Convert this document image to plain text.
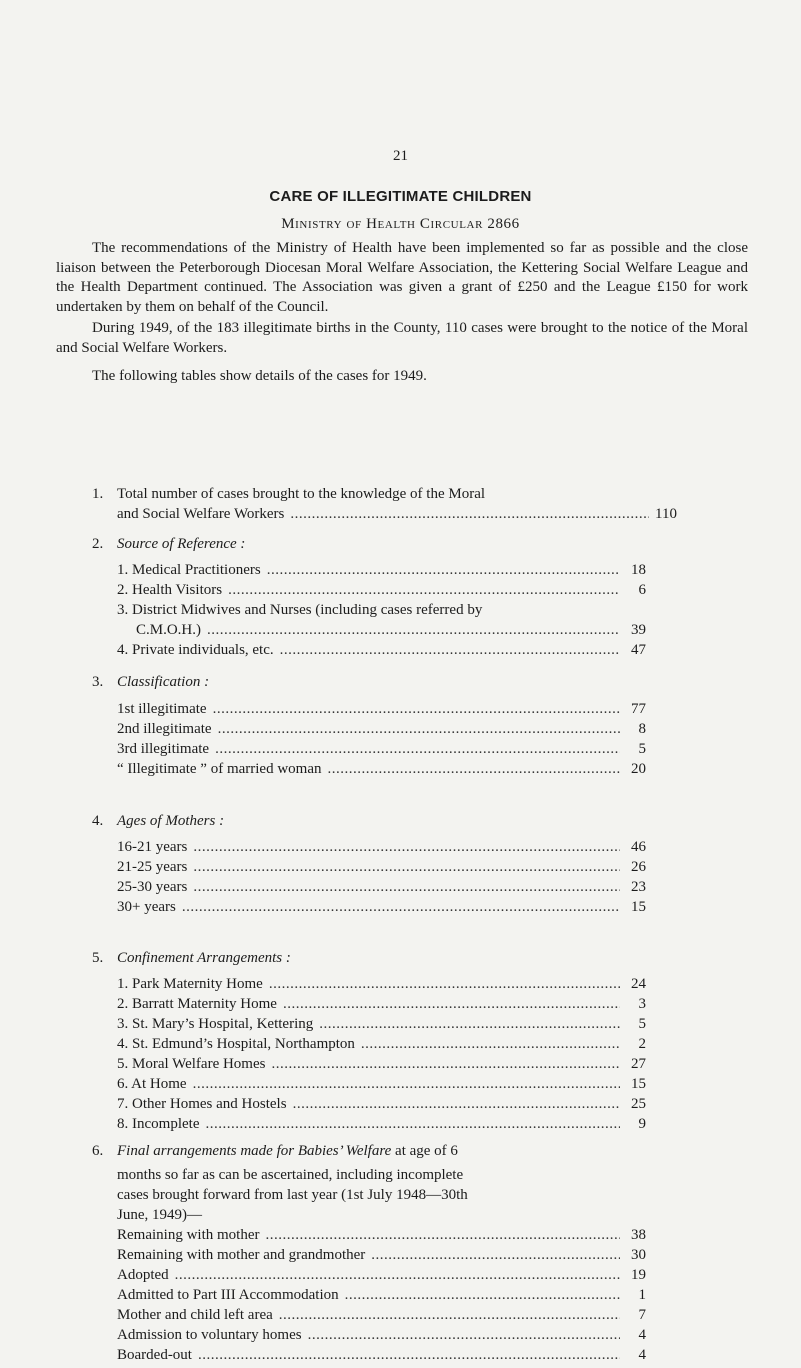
21
CARE OF ILLEGITIMATE CHILDREN
Ministry of Health Circular 2866
The recommendations of the Ministry of Health have been implemented so far as possible and the close liaison between the Peterborough Diocesan Moral Welfare Association, the Kettering Social Welfare League and the Health Department continued. The Association was given a grant of £250 and the League £150 for work undertaken by them on behalf of the Council.
During 1949, of the 183 illegitimate births in the County, 110 cases were brought to the notice of the Moral and Social Welfare Workers.
The following tables show details of the cases for 1949.
1. Total number of cases brought to the knowledge of the Moral
and Social Welfare Workers .....	110
2. Source of Reference :
1. Medical Practitioners .....	18
2. Health Visitors .....	6
3. District Midwives and Nurses (including cases referred by
C.M.O.H.) .....	39
4. Private individuals, etc. .....	47
3. Classification :
1st illegitimate .....	77
2nd illegitimate .....	8
3rd illegitimate .....	5
“ Illegitimate ” of married woman .....	20
4. Ages of Mothers :
16-21 years .....	46
21-25 years .....	26
25-30 years .....	23
30+ years .....	15
5. Confinement Arrangements :
1. Park Maternity Home .....	24
2. Barratt Maternity Home .....	3
3. St. Mary’s Hospital, Kettering .....	5
4. St. Edmund’s Hospital, Northampton .....	2
5. Moral Welfare Homes .....	27
6. At Home .....	15
7. Other Homes and Hostels .....	25
8. Incomplete .....	9
6. Final arrangements made for Babies’ Welfare at age of 6
months so far as can be ascertained, including incomplete
cases brought forward from last year (1st July 1948—30th
June, 1949)—
Remaining with mother .....	38
Remaining with mother and grandmother .....	30
Adopted .....	19
Admitted to Part III Accommodation .....	1
Mother and child left area .....	7
Admission to voluntary homes .....	4
Boarded-out .....	4
